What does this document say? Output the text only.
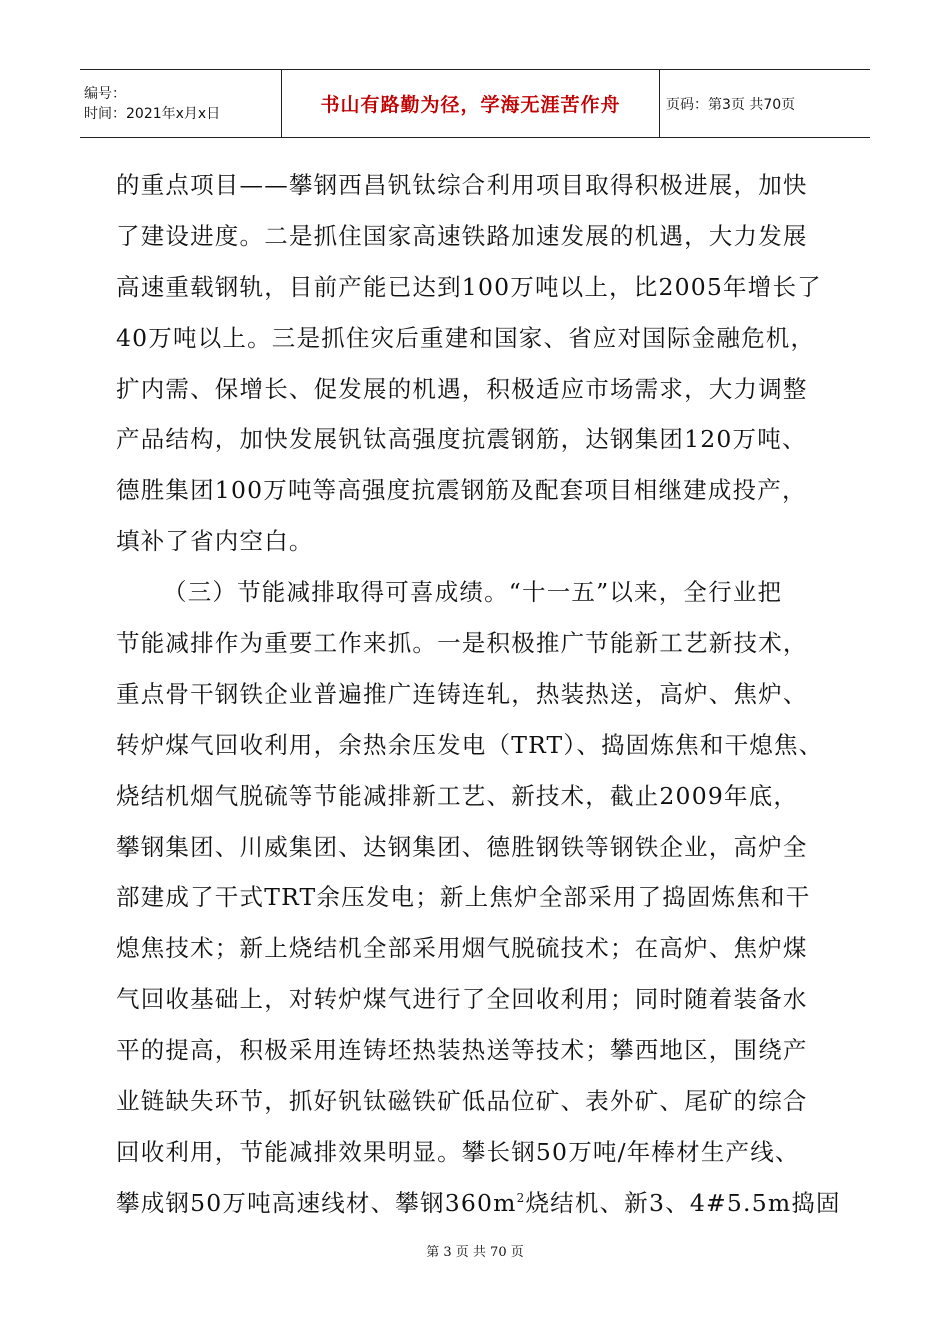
编号：
时间：2021年x月x日	书山有路勤为径，学海无涯苦作舟	页码：第3页 共70页
的重点项目——攀钢西昌钒钛综合利用项目取得积极进展，加快
了建设进度。二是抓住国家高速铁路加速发展的机遇，大力发展
高速重载钢轨，目前产能已达到100万吨以上，比2005年增长了
40万吨以上。三是抓住灾后重建和国家、省应对国际金融危机，
扩内需、保增长、促发展的机遇，积极适应市场需求，大力调整
产品结构，加快发展钒钛高强度抗震钢筋，达钢集团120万吨、
德胜集团100万吨等高强度抗震钢筋及配套项目相继建成投产，
填补了省内空白。
（三）节能减排取得可喜成绩。“十一五”以来，全行业把
节能减排作为重要工作来抓。一是积极推广节能新工艺新技术，
重点骨干钢铁企业普遍推广连铸连轧，热装热送，高炉、焦炉、
转炉煤气回收利用，余热余压发电（TRT）、捣固炼焦和干熄焦、
烧结机烟气脱硫等节能减排新工艺、新技术，截止2009年底，
攀钢集团、川威集团、达钢集团、德胜钢铁等钢铁企业，高炉全
部建成了干式TRT余压发电；新上焦炉全部采用了捣固炼焦和干
熄焦技术；新上烧结机全部采用烟气脱硫技术；在高炉、焦炉煤
气回收基础上，对转炉煤气进行了全回收利用；同时随着装备水
平的提高，积极采用连铸坯热装热送等技术；攀西地区，围绕产
业链缺失环节，抓好钒钛磁铁矿低品位矿、表外矿、尾矿的综合
回收利用，节能减排效果明显。攀长钢50万吨/年棒材生产线、
攀成钢50万吨高速线材、攀钢$360m^2$烧结机、新3、4#5.5m捣固
第 3 页 共 70 页
